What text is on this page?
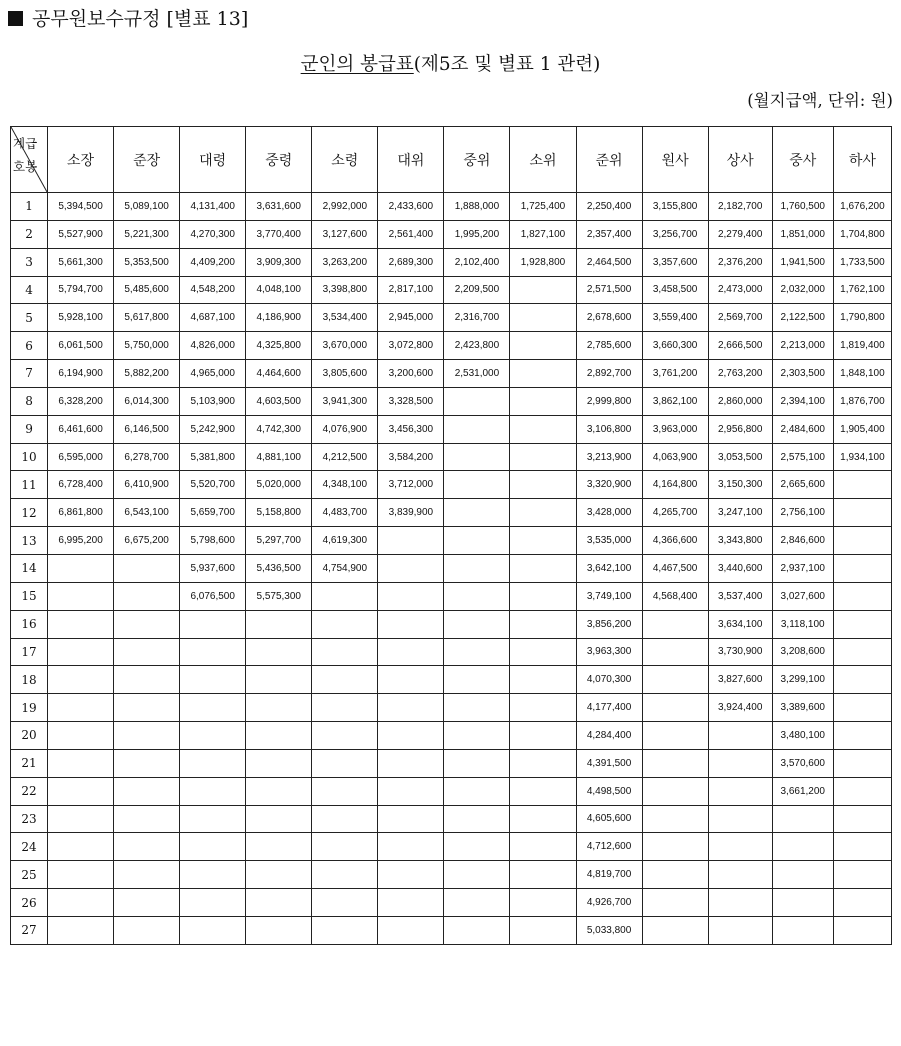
공무원보수규정 [별표 13]
군인의 봉급표(제5조 및 별표 1 관련)
(월지급액, 단위: 원)
계급
호봉	소장	준장	대령	중령	소령	대위	중위	소위	준위	원사	상사	중사	하사
1	5,394,500	5,089,100	4,131,400	3,631,600	2,992,000	2,433,600	1,888,000	1,725,400	2,250,400	3,155,800	2,182,700	1,760,500	1,676,200
2	5,527,900	5,221,300	4,270,300	3,770,400	3,127,600	2,561,400	1,995,200	1,827,100	2,357,400	3,256,700	2,279,400	1,851,000	1,704,800
3	5,661,300	5,353,500	4,409,200	3,909,300	3,263,200	2,689,300	2,102,400	1,928,800	2,464,500	3,357,600	2,376,200	1,941,500	1,733,500
4	5,794,700	5,485,600	4,548,200	4,048,100	3,398,800	2,817,100	2,209,500		2,571,500	3,458,500	2,473,000	2,032,000	1,762,100
5	5,928,100	5,617,800	4,687,100	4,186,900	3,534,400	2,945,000	2,316,700		2,678,600	3,559,400	2,569,700	2,122,500	1,790,800
6	6,061,500	5,750,000	4,826,000	4,325,800	3,670,000	3,072,800	2,423,800		2,785,600	3,660,300	2,666,500	2,213,000	1,819,400
7	6,194,900	5,882,200	4,965,000	4,464,600	3,805,600	3,200,600	2,531,000		2,892,700	3,761,200	2,763,200	2,303,500	1,848,100
8	6,328,200	6,014,300	5,103,900	4,603,500	3,941,300	3,328,500			2,999,800	3,862,100	2,860,000	2,394,100	1,876,700
9	6,461,600	6,146,500	5,242,900	4,742,300	4,076,900	3,456,300			3,106,800	3,963,000	2,956,800	2,484,600	1,905,400
10	6,595,000	6,278,700	5,381,800	4,881,100	4,212,500	3,584,200			3,213,900	4,063,900	3,053,500	2,575,100	1,934,100
11	6,728,400	6,410,900	5,520,700	5,020,000	4,348,100	3,712,000			3,320,900	4,164,800	3,150,300	2,665,600	
12	6,861,800	6,543,100	5,659,700	5,158,800	4,483,700	3,839,900			3,428,000	4,265,700	3,247,100	2,756,100	
13	6,995,200	6,675,200	5,798,600	5,297,700	4,619,300				3,535,000	4,366,600	3,343,800	2,846,600	
14			5,937,600	5,436,500	4,754,900				3,642,100	4,467,500	3,440,600	2,937,100	
15			6,076,500	5,575,300					3,749,100	4,568,400	3,537,400	3,027,600	
16									3,856,200		3,634,100	3,118,100	
17									3,963,300		3,730,900	3,208,600	
18									4,070,300		3,827,600	3,299,100	
19									4,177,400		3,924,400	3,389,600	
20									4,284,400			3,480,100	
21									4,391,500			3,570,600	
22									4,498,500			3,661,200	
23									4,605,600				
24									4,712,600				
25									4,819,700				
26									4,926,700				
27									5,033,800				
